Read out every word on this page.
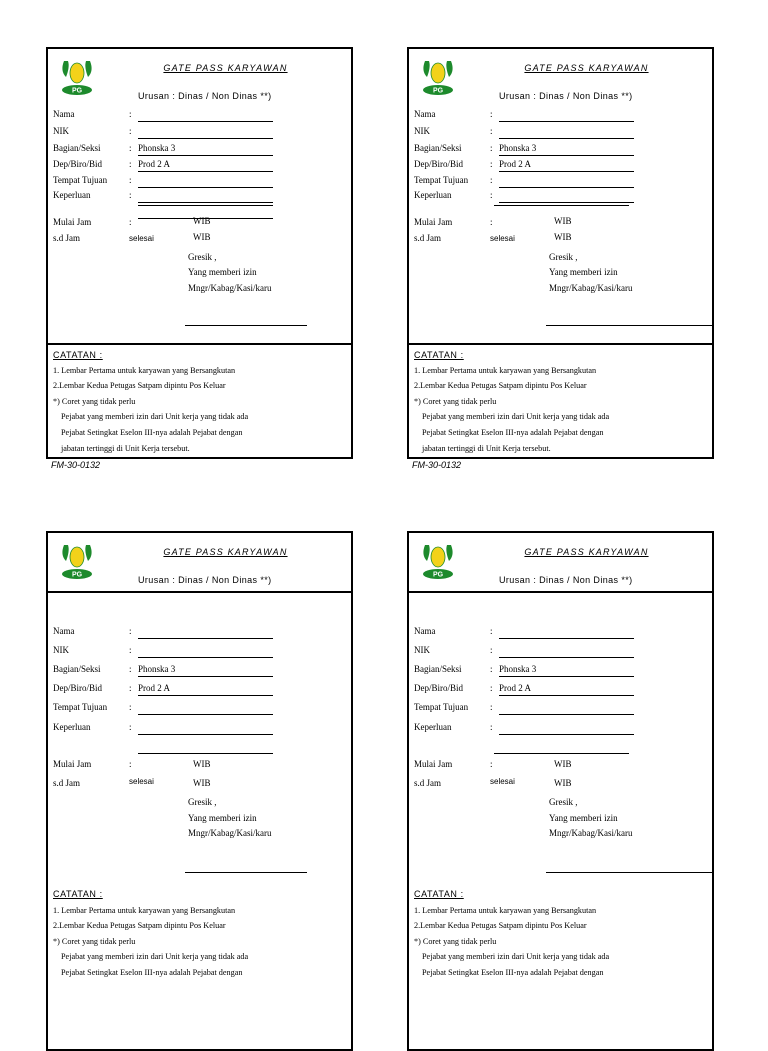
PG
GATE PASS KARYAWAN
Urusan : Dinas / Non Dinas **)
Nama	:
NIK	:
Bagian/Seksi	: Phonska 3
Dep/Biro/Bid	: Prod 2 A
Tempat Tujuan :
Keperluan	:
Mulai Jam	:	WIB
s.d Jam	selesai	WIB
Gresik ,
Yang memberi izin
Mngr/Kabag/Kasi/karu
CATATAN :
1. Lembar Pertama untuk karyawan yang Bersangkutan
2.Lembar Kedua Petugas Satpam dipintu Pos Keluar
*) Coret yang tidak perlu
Pejabat yang memberi izin dari Unit kerja yang tidak ada
Pejabat Setingkat Eselon III-nya adalah Pejabat dengan
jabatan tertinggi di Unit Kerja tersebut.
FM-30-0132
PG
GATE PASS KARYAWAN
Urusan : Dinas / Non Dinas **)
Nama	:
NIK	:
Bagian/Seksi	: Phonska 3
Dep/Biro/Bid	: Prod 2 A
Tempat Tujuan :
Keperluan	:
Mulai Jam	:	WIB
s.d Jam	selesai	WIB
Gresik ,
Yang memberi izin
Mngr/Kabag/Kasi/karu
CATATAN :
1. Lembar Pertama untuk karyawan yang Bersangkutan
2.Lembar Kedua Petugas Satpam dipintu Pos Keluar
*) Coret yang tidak perlu
Pejabat yang memberi izin dari Unit kerja yang tidak ada
Pejabat Setingkat Eselon III-nya adalah Pejabat dengan
jabatan tertinggi di Unit Kerja tersebut.
FM-30-0132
PG
GATE PASS KARYAWAN
Urusan : Dinas / Non Dinas **)
Nama	:
NIK	:
Bagian/Seksi	: Phonska 3
Dep/Biro/Bid	: Prod 2 A
Tempat Tujuan :
Keperluan	:
Mulai Jam	:	WIB
s.d Jam	selesai	WIB
Gresik ,
Yang memberi izin
Mngr/Kabag/Kasi/karu
CATATAN :
1. Lembar Pertama untuk karyawan yang Bersangkutan
2.Lembar Kedua Petugas Satpam dipintu Pos Keluar
*) Coret yang tidak perlu
Pejabat yang memberi izin dari Unit kerja yang tidak ada
Pejabat Setingkat Eselon III-nya adalah Pejabat dengan
PG
GATE PASS KARYAWAN
Urusan : Dinas / Non Dinas **)
Nama	:
NIK	:
Bagian/Seksi	: Phonska 3
Dep/Biro/Bid	: Prod 2 A
Tempat Tujuan :
Keperluan	:
Mulai Jam	:	WIB
s.d Jam	selesai	WIB
Gresik ,
Yang memberi izin
Mngr/Kabag/Kasi/karu
CATATAN :
1. Lembar Pertama untuk karyawan yang Bersangkutan
2.Lembar Kedua Petugas Satpam dipintu Pos Keluar
*) Coret yang tidak perlu
Pejabat yang memberi izin dari Unit kerja yang tidak ada
Pejabat Setingkat Eselon III-nya adalah Pejabat dengan
